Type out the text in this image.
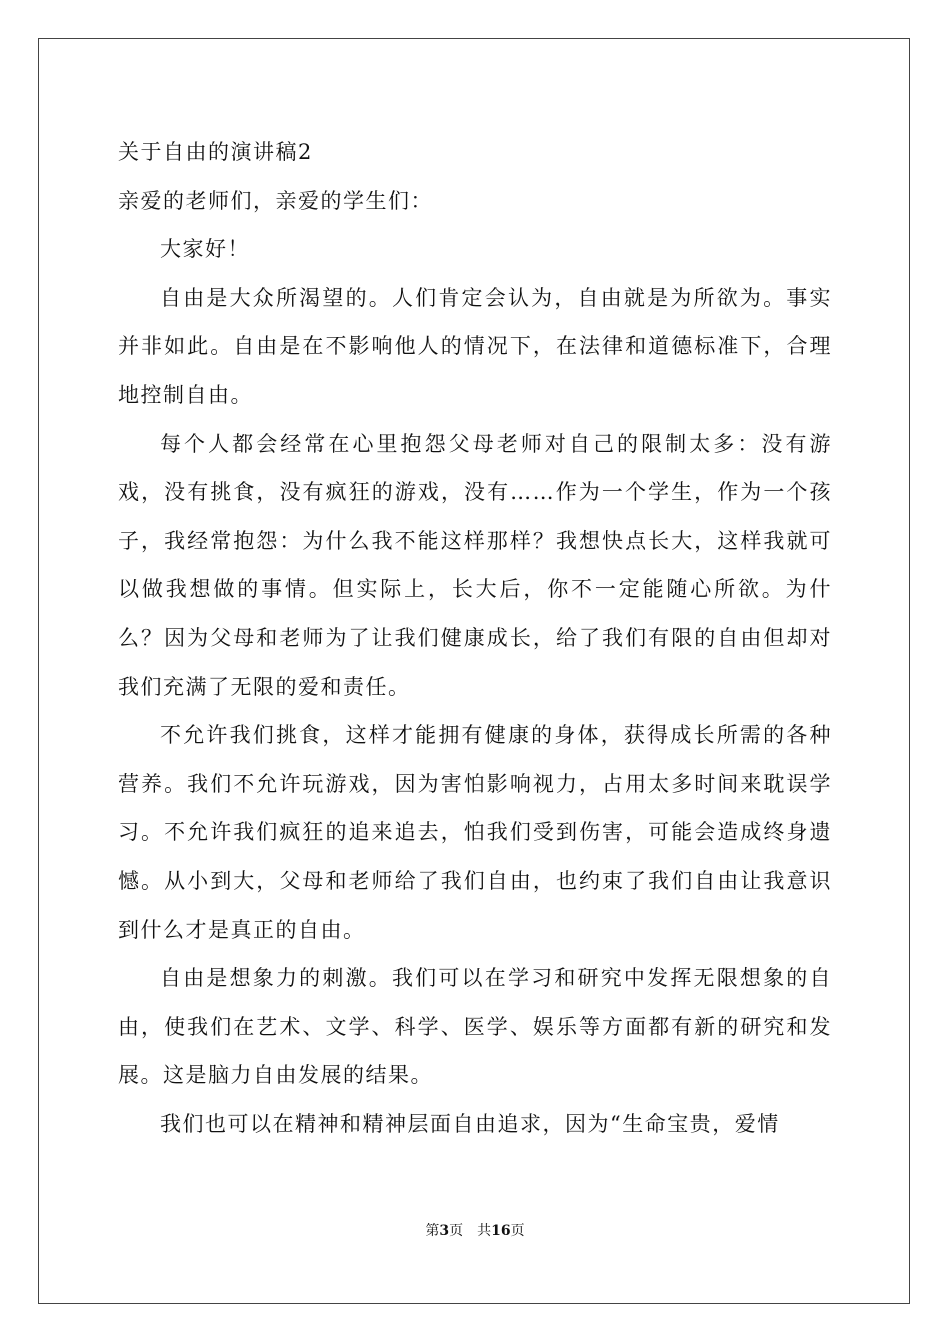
关于自由的演讲稿2

亲爱的老师们，亲爱的学生们：

大家好！

自由是大众所渴望的。人们肯定会认为，自由就是为所欲为。事实并非如此。自由是在不影响他人的情况下，在法律和道德标准下，合理地控制自由。

每个人都会经常在心里抱怨父母老师对自己的限制太多：没有游戏，没有挑食，没有疯狂的游戏，没有……作为一个学生，作为一个孩子，我经常抱怨：为什么我不能这样那样？我想快点长大，这样我就可以做我想做的事情。但实际上，长大后，你不一定能随心所欲。为什么？因为父母和老师为了让我们健康成长，给了我们有限的自由但却对我们充满了无限的爱和责任。

不允许我们挑食，这样才能拥有健康的身体，获得成长所需的各种营养。我们不允许玩游戏，因为害怕影响视力，占用太多时间来耽误学习。不允许我们疯狂的追来追去，怕我们受到伤害，可能会造成终身遗憾。从小到大，父母和老师给了我们自由，也约束了我们自由让我意识到什么才是真正的自由。

自由是想象力的刺激。我们可以在学习和研究中发挥无限想象的自由，使我们在艺术、文学、科学、医学、娱乐等方面都有新的研究和发展。这是脑力自由发展的结果。

我们也可以在精神和精神层面自由追求，因为“生命宝贵，爱情

第3页　共16页
